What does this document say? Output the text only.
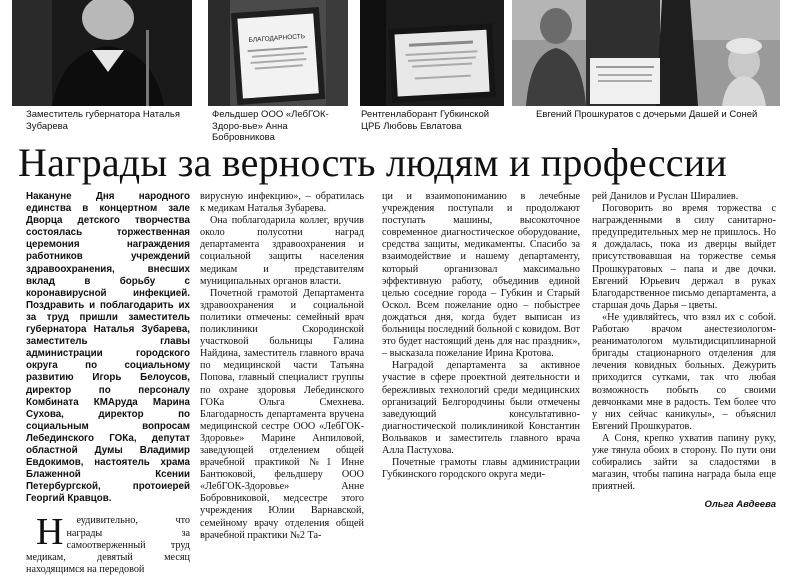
БЛАГОДАРНОСТЬ
Заместитель губернатора Наталья Зубарева
Фельдшер ООО «ЛебГОК-Здоро-вье» Анна Бобровникова
Рентгенлаборант Губкинской ЦРБ Любовь Евлатова
Евгений Прошкуратов с дочерьми Дашей и Соней
Награды за верность людям и профессии

Накануне Дня народного единства в концертном зале Дворца детского творчества состоялась торжественная церемония награждения работников учреждений здравоохранения, внесших вклад в борьбу с коронавирусной инфекцией. Поздравить и поблагодарить их за труд пришли заместитель губернатора Наталья Зубарева, заместитель главы администрации городского округа по социальному развитию Игорь Белоусов, директор по персоналу Комбината КМАруда Марина Сухова, директор по социальным вопросам Лебединского ГОКа, депутат областной Думы Владимир Евдокимов, настоятель храма Блаженной Ксении Петербургской, протоиерей Георгий Кравцов.

Неудивительно, что награды за самоотверженный труд медикам, девятый месяц находящимся на передовой

вирусную инфекцию», – обратилась к медикам Наталья Зубарева.

Она поблагодарила коллег, вручив около полусотни наград департамента здравоохранения и социальной защиты населения медикам и представителям муниципальных органов власти.

Почетной грамотой Департамента здравоохранения и социальной политики отмечены: семейный врач поликлиники Скородинской участковой больницы Галина Найдина, заместитель главного врача по медицинской части Татьяна Попова, главный специалист группы по охране здоровья Лебединского ГОКа Ольга Смехнева. Благодарность департамента вручена медицинской сестре ООО «ЛебГОК-Здоровье» Марине Анпиловой, заведующей отделением общей врачебной практикой №1 Инне Бантюковой, фельдшеру ООО «ЛебГОК-Здоровье» Анне Бобровниковой, медсестре этого учреждения Юлии Варнавской, семейному врачу отделения общей врачебной практики №2 Та-

ци и взаимопониманию в лечебные учреждения поступали и продолжают поступать машины, высокоточное современное диагностическое оборудование, средства защиты, медикаменты. Спасибо за взаимодействие и нашему департаменту, который организовал максимально эффективную работу, объединив единой целью соседние города – Губкин и Старый Оскол. Всем пожелание одно – побыстрее дождаться дня, когда будет выписан из больницы последний больной с ковидом. Вот это будет настоящий день для нас праздник», – высказала пожелание Ирина Кротова.

Наградой департамента за активное участие в сфере проектной деятельности и бережливых технологий среди медицинских организаций Белгородчины были отмечены заведующий консультативно-диагностической поликлиникой Константин Вольваков и заместитель главного врача Алла Пастухова.

Почетные грамоты главы администрации Губкинского городского округа меди-

рей Данилов и Руслан Ширалиев.

Поговорить во время торжества с награжденными в силу санитарно-предупредительных мер не пришлось. Но я дождалась, пока из дверцы выйдет присутствовавшая на торжестве семья Прошкуратовых – папа и две дочки. Евгений Юрьевич держал в руках Благодарственное письмо департамента, а старшая дочь Дарья – цветы.

«Не удивляйтесь, что взял их с собой. Работаю врачом анестезиологом-реаниматологом мультидисциплинарной бригады стационарного отделения для лечения ковидных больных. Дежурить приходится сутками, так что любая возможность побыть со своими девчонками мне в радость. Тем более что у них сейчас каникулы», – объяснил Евгений Прошкуратов.

А Соня, крепко ухватив папину руку, уже тянула обоих в сторону. По пути они собирались зайти за сладостями в магазин, чтобы папина награда была еще приятней.

Ольга Авдеева
